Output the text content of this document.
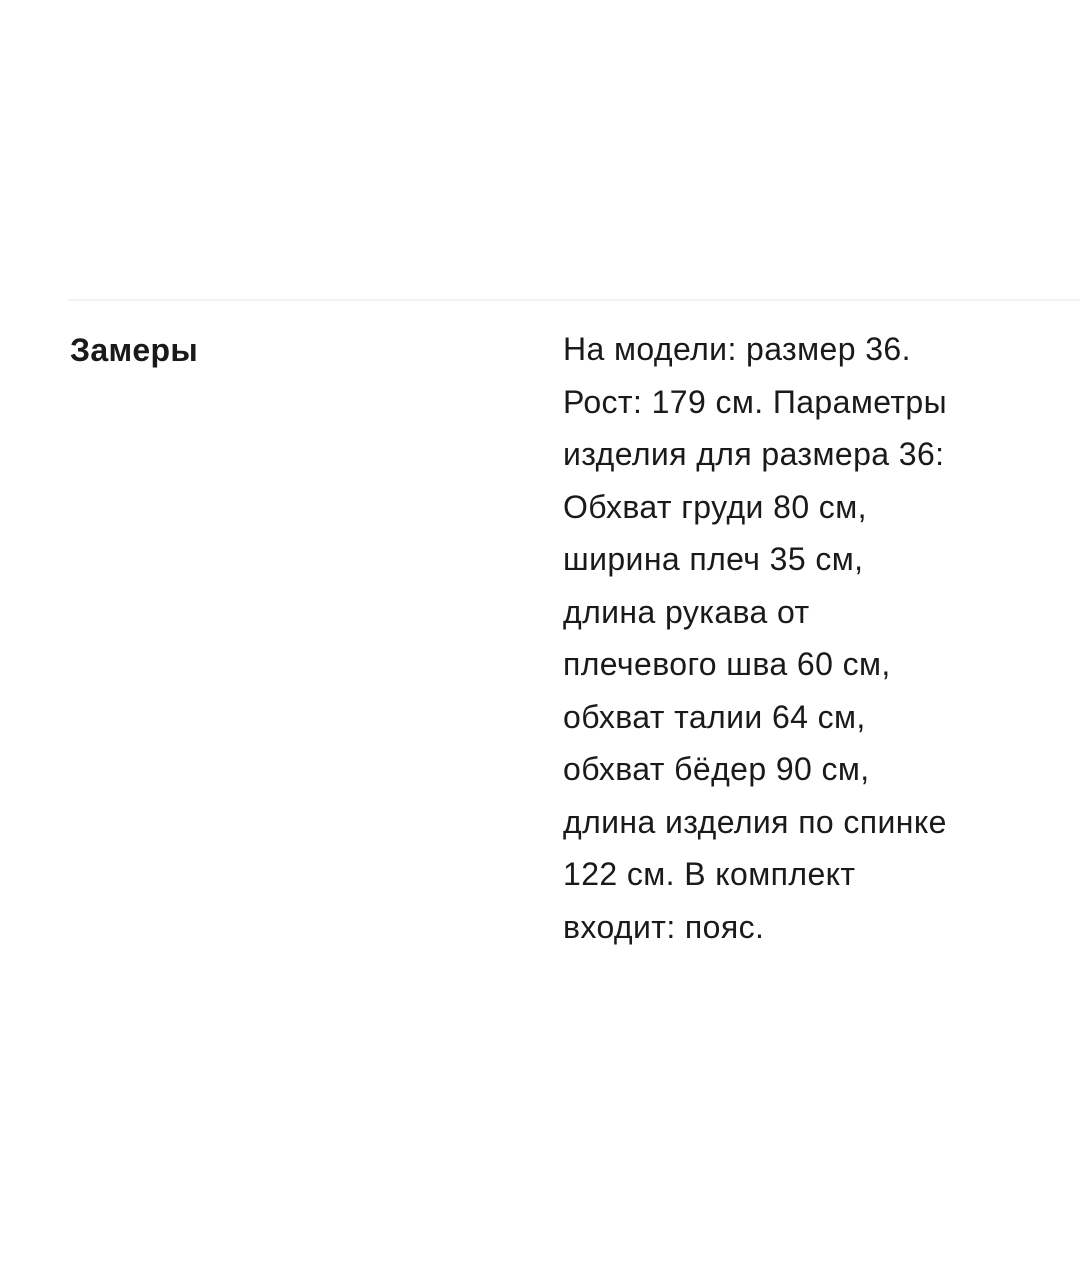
Замеры	На модели: размер 36.
Рост: 179 см. Параметры
изделия для размера 36:
Обхват груди 80 см,
ширина плеч 35 см,
длина рукава от
плечевого шва 60 см,
обхват талии 64 см,
обхват бёдер 90 см,
длина изделия по спинке
122 см. В комплект
входит: пояс.
